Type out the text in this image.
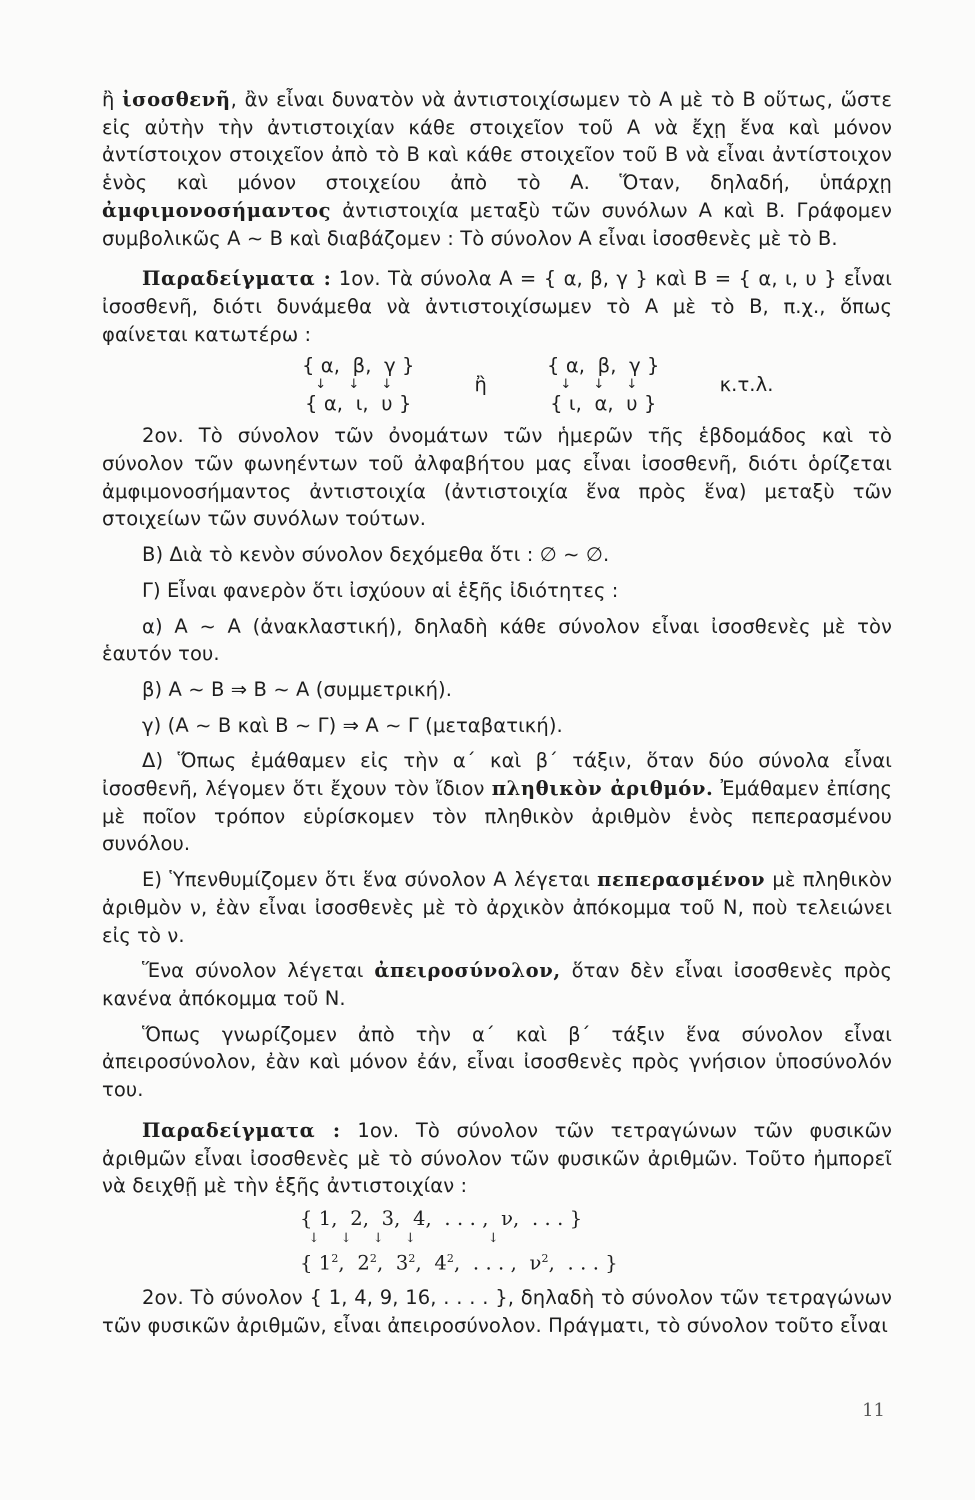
ἢ ἰσοσθενῆ, ἂν εἶναι δυνατὸν νὰ ἀντιστοιχίσωμεν τὸ Α μὲ τὸ Β οὕτως, ὥστε εἰς αὐτὴν τὴν ἀντιστοιχίαν κάθε στοιχεῖον τοῦ Α νὰ ἔχῃ ἕνα καὶ μόνον ἀντίστοιχον στοιχεῖον ἀπὸ τὸ Β καὶ κάθε στοιχεῖον τοῦ Β νὰ εἶναι ἀντίστοιχον ἑνὸς καὶ μόνον στοιχείου ἀπὸ τὸ Α. Ὅταν, δηλαδή, ὑπάρχῃ ἀμφιμονοσήμαντος ἀντιστοιχία μεταξὺ τῶν συνόλων Α καὶ Β. Γράφομεν συμβολικῶς Α ∼ Β καὶ διαβάζομεν : Τὸ σύνολον Α εἶναι ἰσοσθενὲς μὲ τὸ Β.

Παραδείγματα : 1ον. Τὰ σύνολα Α = { α, β, γ } καὶ Β = { α, ι, υ } εἶναι ἰσοσθενῆ, διότι δυνάμεθα νὰ ἀντιστοιχίσωμεν τὸ Α μὲ τὸ Β, π.χ., ὅπως φαίνεται κατωτέρω :

{ α,  β,  γ }
↓ ↓ ↓
{ α,  ι,  υ }
ἢ
{ α,  β,  γ }
↓ ↓ ↓
{ ι,  α,  υ }
κ.τ.λ.

2ον. Τὸ σύνολον τῶν ὀνομάτων τῶν ἡμερῶν τῆς ἑβδομάδος καὶ τὸ σύνολον τῶν φωνηέντων τοῦ ἀλφαβήτου μας εἶναι ἰσοσθενῆ, διότι ὁρίζεται ἀμφιμονοσήμαντος ἀντιστοιχία (ἀντιστοιχία ἕνα πρὸς ἕνα) μεταξὺ τῶν στοιχείων τῶν συνόλων τούτων.

Β) Διὰ τὸ κενὸν σύνολον δεχόμεθα ὅτι : ∅ ∼ ∅.

Γ) Εἶναι φανερὸν ὅτι ἰσχύουν αἱ ἑξῆς ἰδιότητες :

α) Α ∼ Α (ἀνακλαστική), δηλαδὴ κάθε σύνολον εἶναι ἰσοσθενὲς μὲ τὸν ἑαυτόν του.

β) Α ∼ Β ⇒ Β ∼ Α (συμμετρική).

γ) (Α ∼ Β καὶ Β ∼ Γ) ⇒ Α ∼ Γ (μεταβατική).

Δ) Ὅπως ἐμάθαμεν εἰς τὴν α΄ καὶ β΄ τάξιν, ὅταν δύο σύνολα εἶναι ἰσοσθενῆ, λέγομεν ὅτι ἔχουν τὸν ἴδιον πληθικὸν ἀριθμόν. Ἐμάθαμεν ἐπίσης μὲ ποῖον τρόπον εὑρίσκομεν τὸν πληθικὸν ἀριθμὸν ἑνὸς πεπερασμένου συνόλου.

Ε) Ὑπενθυμίζομεν ὅτι ἕνα σύνολον Α λέγεται πεπερασμένον μὲ πληθικὸν ἀριθμὸν ν, ἐὰν εἶναι ἰσοσθενὲς μὲ τὸ ἀρχικὸν ἀπόκομμα τοῦ Ν, ποὺ τελειώνει εἰς τὸ ν.

Ἕνα σύνολον λέγεται ἀπειροσύνολον, ὅταν δὲν εἶναι ἰσοσθενὲς πρὸς κανένα ἀπόκομμα τοῦ Ν.

Ὅπως γνωρίζομεν ἀπὸ τὴν α΄ καὶ β΄ τάξιν ἕνα σύνολον εἶναι ἀπειροσύνολον, ἐὰν καὶ μόνον ἐάν, εἶναι ἰσοσθενὲς πρὸς γνήσιον ὑποσύνολόν του.

Παραδείγματα : 1ον. Τὸ σύνολον τῶν τετραγώνων τῶν φυσικῶν ἀριθμῶν εἶναι ἰσοσθενὲς μὲ τὸ σύνολον τῶν φυσικῶν ἀριθμῶν. Τοῦτο ἠμπορεῖ νὰ δειχθῇ μὲ τὴν ἑξῆς ἀντιστοιχίαν :

{ 1,  2,  3,  4,  . . . ,  ν,  . . . }
↓     ↓     ↓     ↓                 ↓
{ $1^2$,  $2^2$,  $3^2$,  $4^2$,  . . . ,  $\nu^2$,  . . . }

2ον. Τὸ σύνολον { 1, 4, 9, 16, . . . . }, δηλαδὴ τὸ σύνολον τῶν τετραγώνων τῶν φυσικῶν ἀριθμῶν, εἶναι ἀπειροσύνολον. Πράγματι, τὸ σύνολον τοῦτο εἶναι

11
